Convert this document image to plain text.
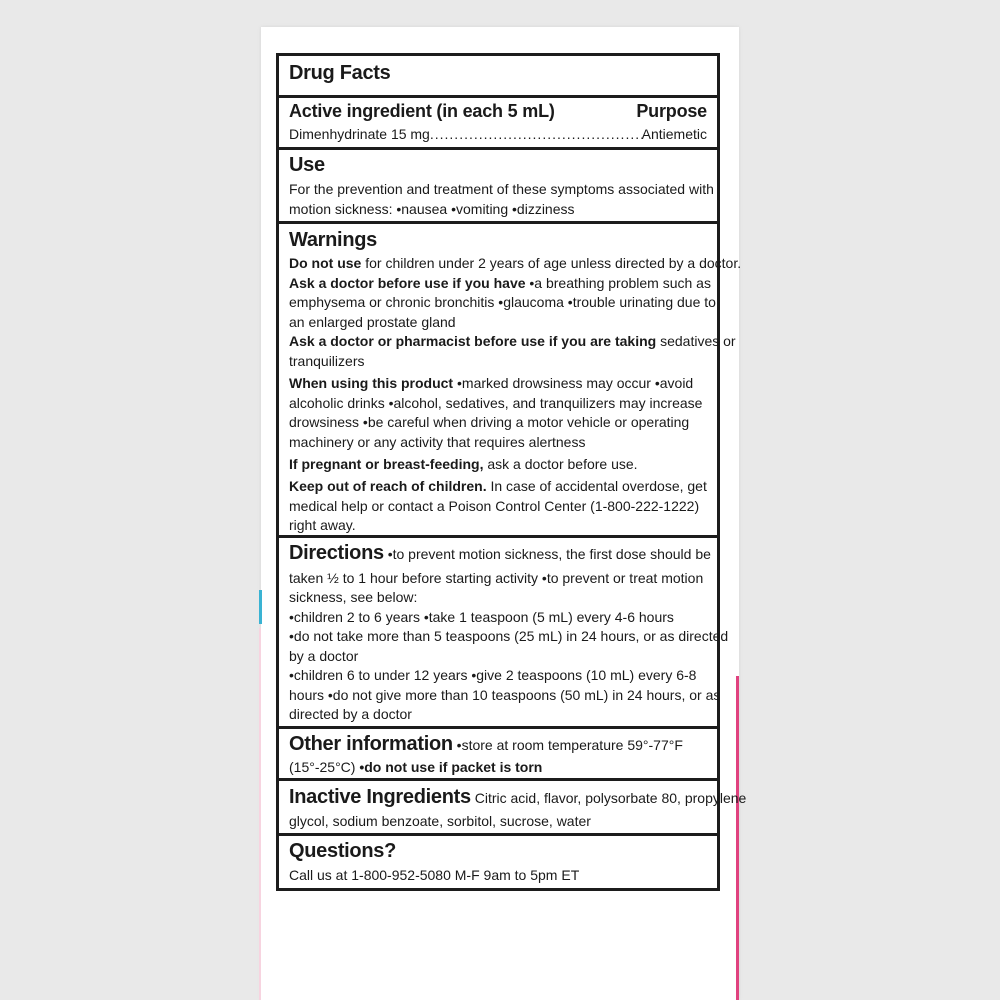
Drug Facts
Active ingredient (in each 5 mL)	Purpose
Dimenhydrinate 15 mg
.....	Antiemetic
Use
For the prevention and treatment of these symptoms associated with
motion sickness: •nausea •vomiting •dizziness
Warnings
Do not use for children under 2 years of age unless directed by a doctor.
Ask a doctor before use if you have •a breathing problem such as
emphysema or chronic bronchitis •glaucoma •trouble urinating due to
an enlarged prostate gland
Ask a doctor or pharmacist before use if you are taking sedatives or
tranquilizers
When using this product •marked drowsiness may occur •avoid
alcoholic drinks •alcohol, sedatives, and tranquilizers may increase
drowsiness •be careful when driving a motor vehicle or operating
machinery or any activity that requires alertness
If pregnant or breast-feeding, ask a doctor before use.
Keep out of reach of children. In case of accidental overdose, get
medical help or contact a Poison Control Center (1-800-222-1222)
right away.
Directions •to prevent motion sickness, the first dose should be
taken ½ to 1 hour before starting activity •to prevent or treat motion
sickness, see below:
•children 2 to 6 years •take 1 teaspoon (5 mL) every 4-6 hours
•do not take more than 5 teaspoons (25 mL) in 24 hours, or as directed
by a doctor
•children 6 to under 12 years •give 2 teaspoons (10 mL) every 6-8
hours •do not give more than 10 teaspoons (50 mL) in 24 hours, or as
directed by a doctor
Other information •store at room temperature 59°-77°F
(15°-25°C) •do not use if packet is torn
Inactive Ingredients Citric acid, flavor, polysorbate 80, propylene
glycol, sodium benzoate, sorbitol, sucrose, water
Questions?
Call us at 1-800-952-5080 M-F 9am to 5pm ET
